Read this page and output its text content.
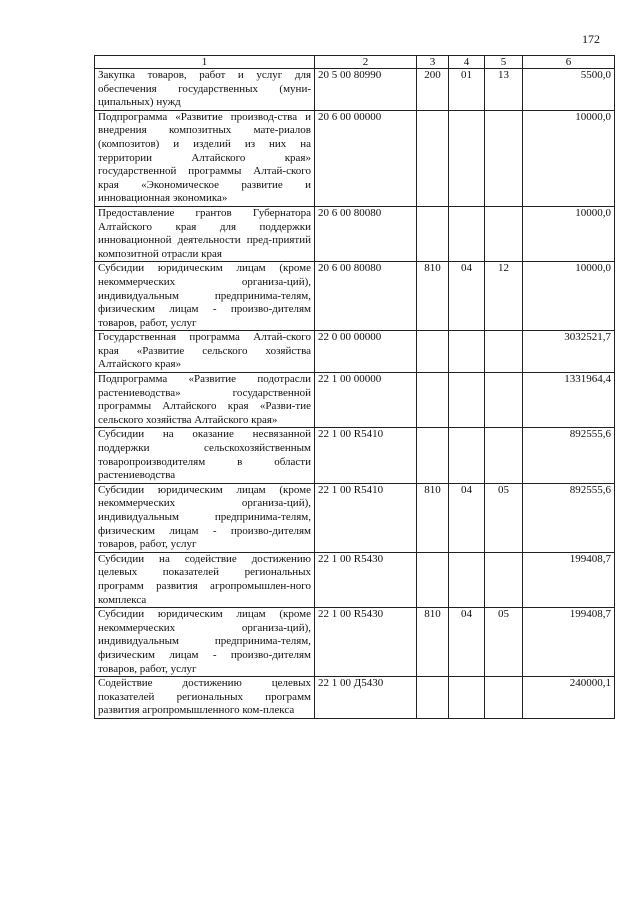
172
1	2	3	4	5	6
Закупка товаров, работ и услуг для обеспечения государственных (муни-ципальных) нужд	20 5 00 80990	200	01	13	5500,0
Подпрограмма «Развитие производ-ства и внедрения композитных мате-риалов (композитов) и изделий из них на территории Алтайского края» государственной программы Алтай-ского края «Экономическое развитие и инновационная экономика»	20 6 00 00000				10000,0
Предоставление грантов Губернатора Алтайского края для поддержки инновационной деятельности пред-приятий композитной отрасли края	20 6 00 80080				10000,0
Субсидии юридическим лицам (кроме некоммерческих организа-ций), индивидуальным предпринима-телям, физическим лицам - произво-дителям товаров, работ, услуг	20 6 00 80080	810	04	12	10000,0
Государственная программа Алтай-ского края «Развитие сельского хозяйства Алтайского края»	22 0 00 00000				3032521,7
Подпрограмма «Развитие подотрасли растениеводства» государственной программы Алтайского края «Разви-тие сельского хозяйства Алтайского края»	22 1 00 00000				1331964,4
Субсидии на оказание несвязанной поддержки сельскохозяйственным товаропроизводителям в области растениеводства	22 1 00 R5410				892555,6
Субсидии юридическим лицам (кроме некоммерческих организа-ций), индивидуальным предпринима-телям, физическим лицам - произво-дителям товаров, работ, услуг	22 1 00 R5410	810	04	05	892555,6
Субсидии на содействие достижению целевых показателей региональных программ развития агропромышлен-ного комплекса	22 1 00 R5430				199408,7
Субсидии юридическим лицам (кроме некоммерческих организа-ций), индивидуальным предпринима-телям, физическим лицам - произво-дителям товаров, работ, услуг	22 1 00 R5430	810	04	05	199408,7
Содействие достижению целевых показателей региональных программ развития агропромышленного ком-плекса	22 1 00 Д5430				240000,1
